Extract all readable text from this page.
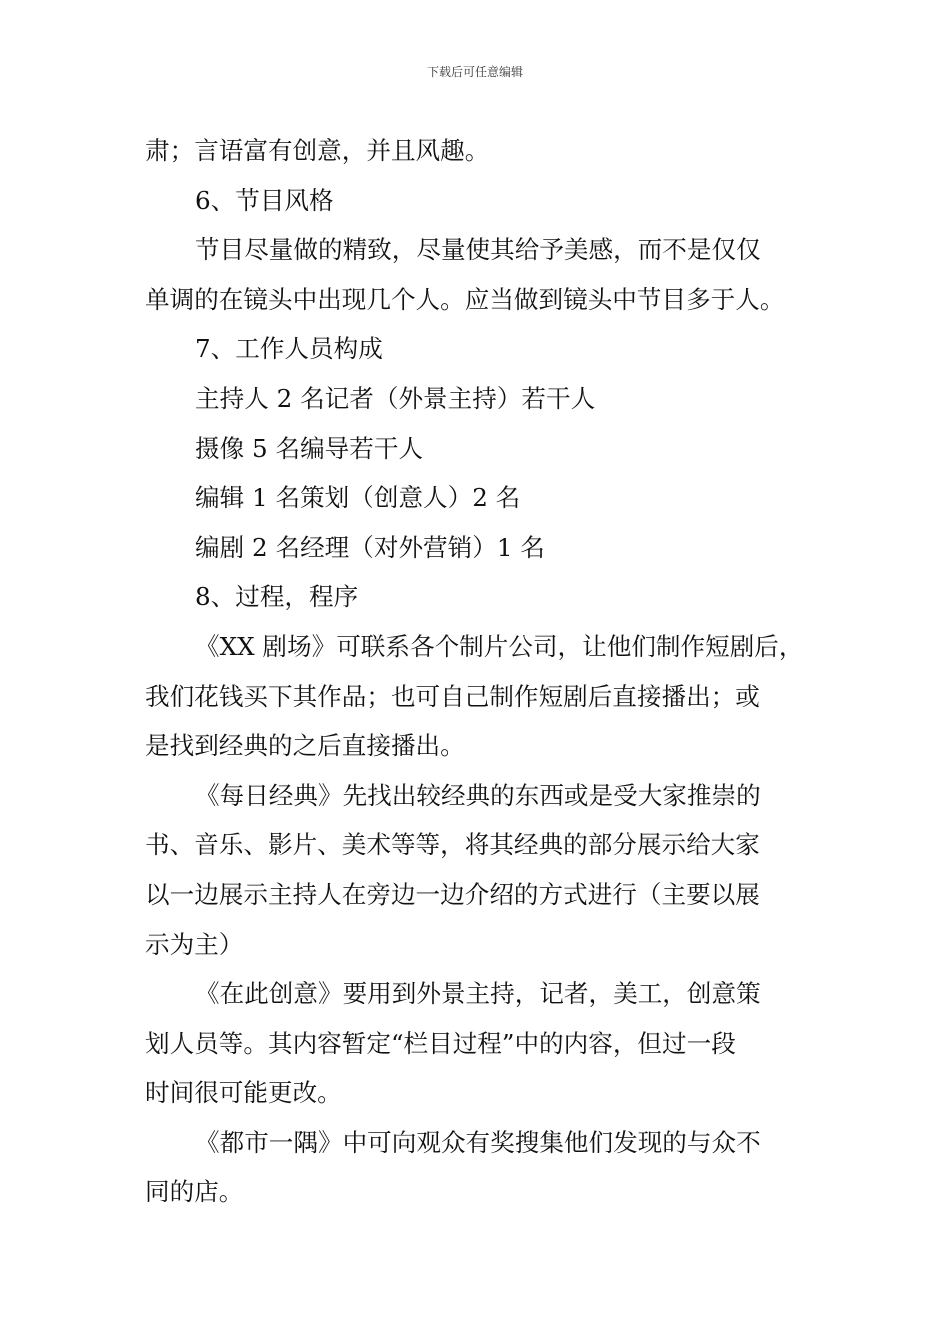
下载后可任意编辑
肃；言语富有创意，并且风趣。
6、节目风格
节目尽量做的精致，尽量使其给予美感，而不是仅仅
单调的在镜头中出现几个人。应当做到镜头中节目多于人。
7、工作人员构成
主持人 2 名记者（外景主持）若干人
摄像 5 名编导若干人
编辑 1 名策划（创意人）2 名
编剧 2 名经理（对外营销）1 名
8、过程，程序
《XX 剧场》可联系各个制片公司，让他们制作短剧后，
我们花钱买下其作品；也可自己制作短剧后直接播出；或
是找到经典的之后直接播出。
《每日经典》先找出较经典的东西或是受大家推崇的
书、音乐、影片、美术等等，将其经典的部分展示给大家
以一边展示主持人在旁边一边介绍的方式进行（主要以展
示为主）
《在此创意》要用到外景主持，记者，美工，创意策
划人员等。其内容暂定“栏目过程”中的内容，但过一段
时间很可能更改。
《都市一隅》中可向观众有奖搜集他们发现的与众不
同的店。
